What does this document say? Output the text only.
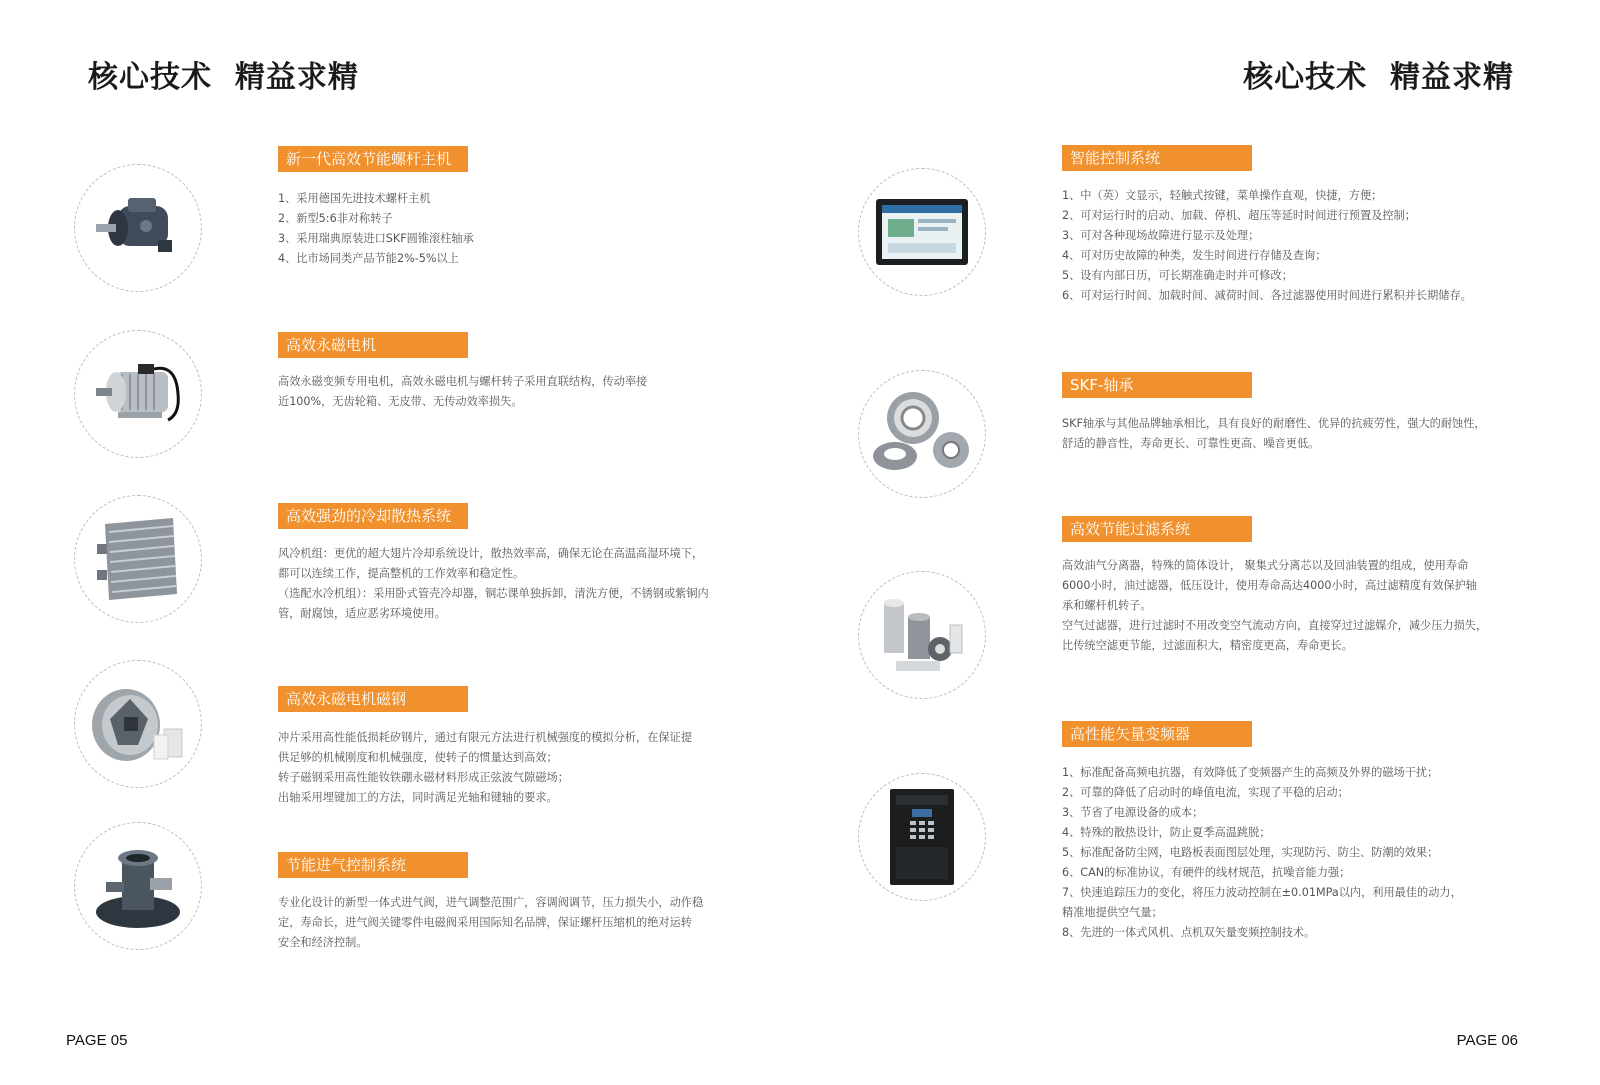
核心技术  精益求精	核心技术  精益求精
新一代高效节能螺杆主机

1、采用德国先进技术螺杆主机

2、新型5:6非对称转子

3、采用瑞典原装进口SKF圆锥滚柱轴承

4、比市场同类产品节能2%-5%以上

高效永磁电机

高效永磁变频专用电机，高效永磁电机与螺杆转子采用直联结构，传动率接

近100%，无齿轮箱、无皮带、无传动效率损失。

高效强劲的冷却散热系统

风冷机组：更优的超大翅片冷却系统设计，散热效率高，确保无论在高温高湿环境下，

都可以连续工作，提高整机的工作效率和稳定性。

（选配水冷机组）：采用卧式管壳冷却器，铜芯课单独拆卸，清洗方便，不锈钢或紫铜内

管，耐腐蚀，适应恶劣环境使用。

高效永磁电机磁钢

冲片采用高性能低损耗矽钢片，通过有限元方法进行机械强度的模拟分析，在保证提

供足够的机械刚度和机械强度，使转子的惯量达到高效；

转子磁钢采用高性能钕铁硼永磁材料形成正弦波气隙磁场；

出轴采用埋键加工的方法，同时满足光轴和键轴的要求。

节能进气控制系统

专业化设计的新型一体式进气阀，进气调整范围广，容调阀调节，压力损失小，动作稳

定，寿命长，进气阀关键零件电磁阀采用国际知名品牌，保证螺杆压缩机的绝对运转

安全和经济控制。

智能控制系统

1、中（英）文显示，轻触式按键，菜单操作直观，快捷，方便；

2、可对运行时的启动、加载、停机、超压等延时时间进行预置及控制；

3、可对各种现场故障进行显示及处理；

4、可对历史故障的种类，发生时间进行存储及查询；

5、设有内部日历，可长期准确走时并可修改；

6、可对运行时间、加载时间、减荷时间、各过滤器使用时间进行累积并长期储存。

SKF-轴承

SKF轴承与其他品牌轴承相比，具有良好的耐磨性、优异的抗疲劳性，强大的耐蚀性，

舒适的静音性，寿命更长、可靠性更高、噪音更低。

高效节能过滤系统

高效油气分离器，特殊的简体设计， 聚集式分离芯以及回油装置的组成，使用寿命

6000小时，油过滤器，低压设计，使用寿命高达4000小时，高过滤精度有效保护轴

承和螺杆机转子。

空气过滤器，进行过滤时不用改变空气流动方向，直接穿过过滤媒介，减少压力损失，

比传统空滤更节能，过滤面积大，精密度更高，寿命更长。

高性能矢量变频器

1、标准配备高频电抗器，有效降低了变频器产生的高频及外界的磁场干扰；

2、可靠的降低了启动时的峰值电流，实现了平稳的启动；

3、节省了电源设备的成本；

4、特殊的散热设计，防止夏季高温跳脱；

5、标准配备防尘网，电路板表面图层处理，实现防污、防尘、防潮的效果；

6、CAN的标准协议，有硬件的线材规范，抗噪音能力强；

7、快速追踪压力的变化，将压力波动控制在±0.01MPa以内，利用最佳的动力，

精准地提供空气量；

8、先进的一体式风机、点机双矢量变频控制技术。

PAGE 05	PAGE 06
